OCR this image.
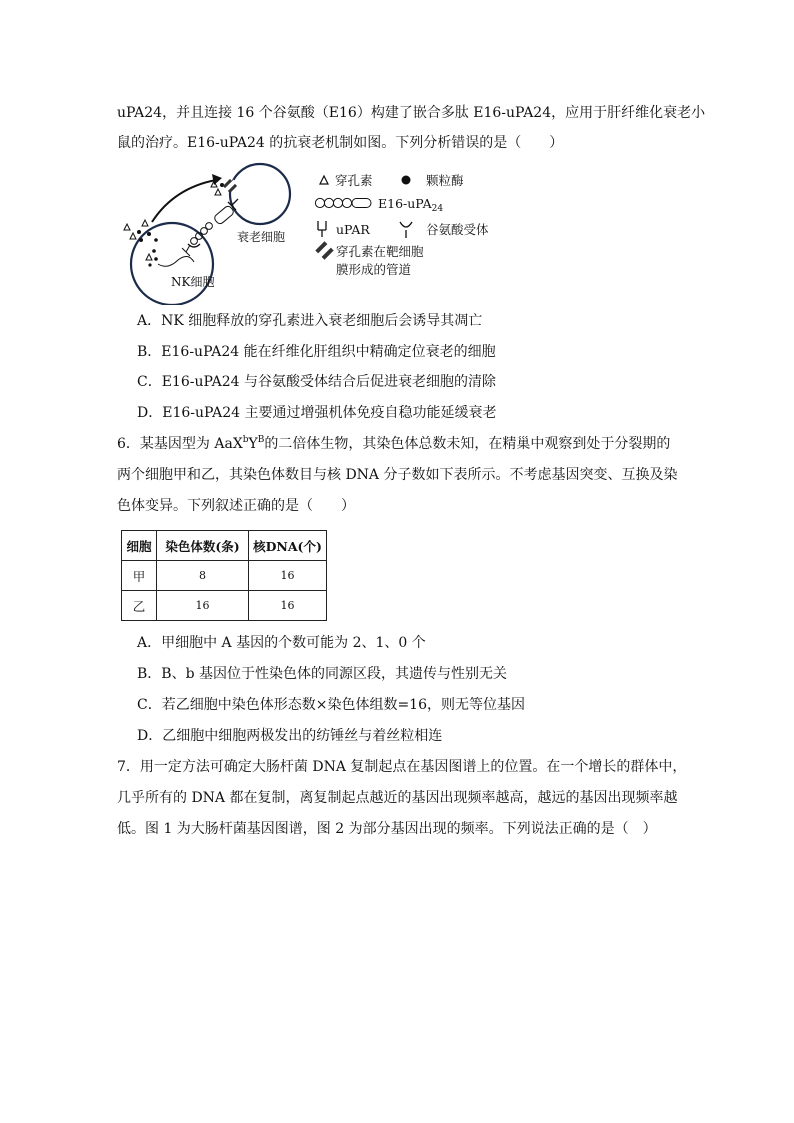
uPA24，并且连接 16 个谷氨酸（E16）构建了嵌合多肽 E16-uPA24，应用于肝纤维化衰老小
鼠的治疗。E16-uPA24 的抗衰老机制如图。下列分析错误的是（　　）
衰老细胞
NK细胞
穿孔素	颗粒酶
E16-uPA$_{24}$
uPAR	谷氨酸受体
穿孔素在靶细胞
膜形成的管道
A．NK 细胞释放的穿孔素进入衰老细胞后会诱导其凋亡
B．E16-uPA24 能在纤维化肝组织中精确定位衰老的细胞
C．E16-uPA24 与谷氨酸受体结合后促进衰老细胞的清除
D．E16-uPA24 主要通过增强机体免疫自稳功能延缓衰老
6．某基因型为 $AaX^bY^B$的二倍体生物，其染色体总数未知，在精巢中观察到处于分裂期的
两个细胞甲和乙，其染色体数目与核 DNA 分子数如下表所示。不考虑基因突变、互换及染
色体变异。下列叙述正确的是（　　）
细胞	染色体数(条)	核DNA(个)
甲	8	16
乙	16	16
A．甲细胞中 A 基因的个数可能为 2、1、0 个
B．B、b 基因位于性染色体的同源区段，其遗传与性别无关
C．若乙细胞中染色体形态数×染色体组数=16，则无等位基因
D．乙细胞中细胞两极发出的纺锤丝与着丝粒相连
7．用一定方法可确定大肠杆菌 DNA 复制起点在基因图谱上的位置。在一个增长的群体中，
几乎所有的 DNA 都在复制，离复制起点越近的基因出现频率越高，越远的基因出现频率越
低。图 1 为大肠杆菌基因图谱，图 2 为部分基因出现的频率。下列说法正确的是（　）
